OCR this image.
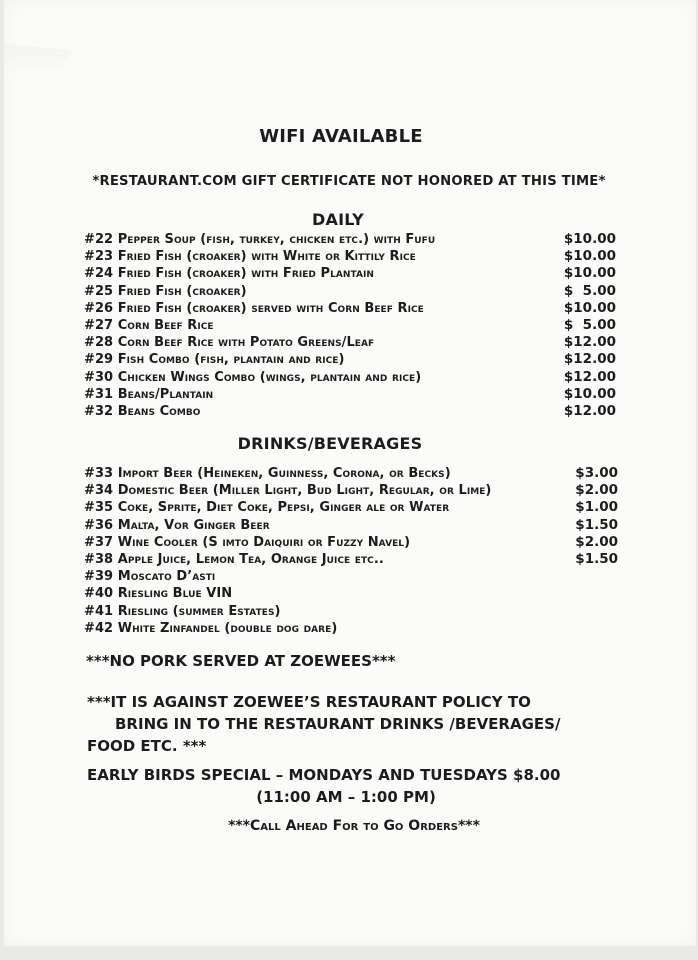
WIFI AVAILABLE
*RESTAURANT.COM GIFT CERTIFICATE NOT HONORED AT THIS TIME*
DAILY
#22 Pepper Soup (fish, turkey, chicken etc.) with Fufu	$10.00
#23 Fried Fish (croaker) with White or Kittily Rice	$10.00
#24 Fried Fish (croaker) with Fried Plantain	$10.00
#25 Fried Fish (croaker)	$  5.00
#26 Fried Fish (croaker) served with Corn Beef Rice	$10.00
#27 Corn Beef Rice	$  5.00
#28 Corn Beef Rice with Potato Greens/Leaf	$12.00
#29 Fish Combo (fish, plantain and rice)	$12.00
#30 Chicken Wings Combo (wings, plantain and rice)	$12.00
#31 Beans/Plantain	$10.00
#32 Beans Combo	$12.00
DRINKS/BEVERAGES
#33 Import Beer (Heineken, Guinness, Corona, or Becks)	$3.00
#34 Domestic Beer (Miller Light, Bud Light, Regular, or Lime)	$2.00
#35 Coke, Sprite, Diet Coke, Pepsi, Ginger ale or Water	$1.00
#36 Malta, Vor Ginger Beer	$1.50
#37 Wine Cooler (S imto Daiquiri or Fuzzy Navel)	$2.00
#38 Apple Juice, Lemon Tea, Orange Juice etc..	$1.50
#39 Moscato D’asti
#40 Riesling Blue VIN
#41 Riesling (summer Estates)
#42 White Zinfandel (double dog dare)
***NO PORK SERVED AT ZOEWEES***
***IT IS AGAINST ZOEWEE’S RESTAURANT POLICY TO
BRING IN TO THE RESTAURANT DRINKS /BEVERAGES/
FOOD ETC. ***
EARLY BIRDS SPECIAL – MONDAYS AND TUESDAYS $8.00
(11:00 AM – 1:00 PM)
***Call Ahead For to Go Orders***
